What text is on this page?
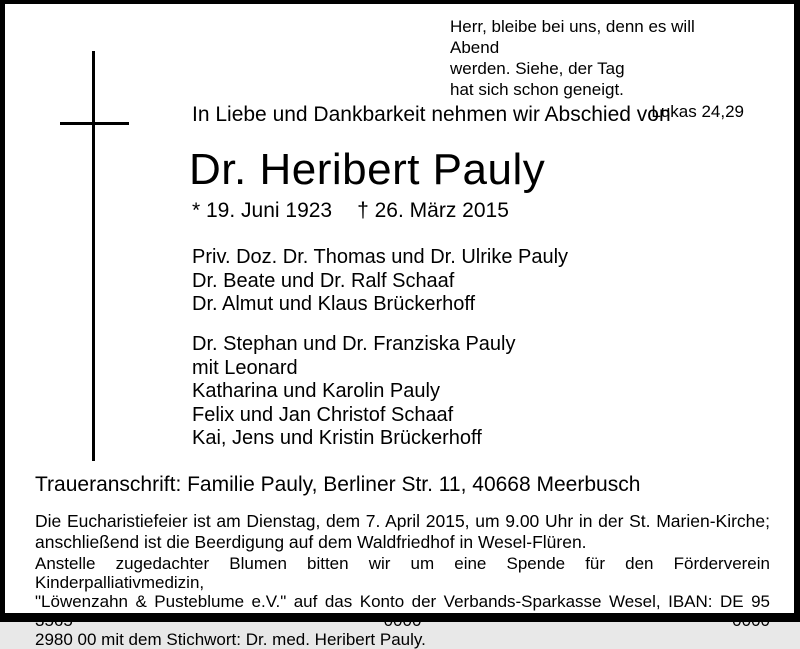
Herr, bleibe bei uns, denn es will Abend
werden. Siehe, der Tag
hat sich schon geneigt.
Lukas 24,29
In Liebe und Dankbarkeit nehmen wir Abschied von
Dr. Heribert Pauly
* 19. Juni 1923 † 26. März 2015
Priv. Doz. Dr. Thomas und Dr. Ulrike Pauly
Dr. Beate und Dr. Ralf Schaaf
Dr. Almut und Klaus Brückerhoff
Dr. Stephan und Dr. Franziska Pauly
mit Leonard
Katharina und Karolin Pauly
Felix und Jan Christof Schaaf
Kai, Jens und Kristin Brückerhoff
Traueranschrift: Familie Pauly, Berliner Str. 11, 40668 Meerbusch
Die Eucharistiefeier ist am Dienstag, dem 7. April 2015, um 9.00 Uhr in der St. Marien-Kirche;
anschließend ist die Beerdigung auf dem Waldfriedhof in Wesel-Flüren.
Anstelle zugedachter Blumen bitten wir um eine Spende für den Förderverein Kinderpalliativmedizin,
"Löwenzahn & Pusteblume e.V." auf das Konto der Verbands-Sparkasse Wesel, IBAN: DE 95 3565 0000 0000
2980 00 mit dem Stichwort: Dr. med. Heribert Pauly.
